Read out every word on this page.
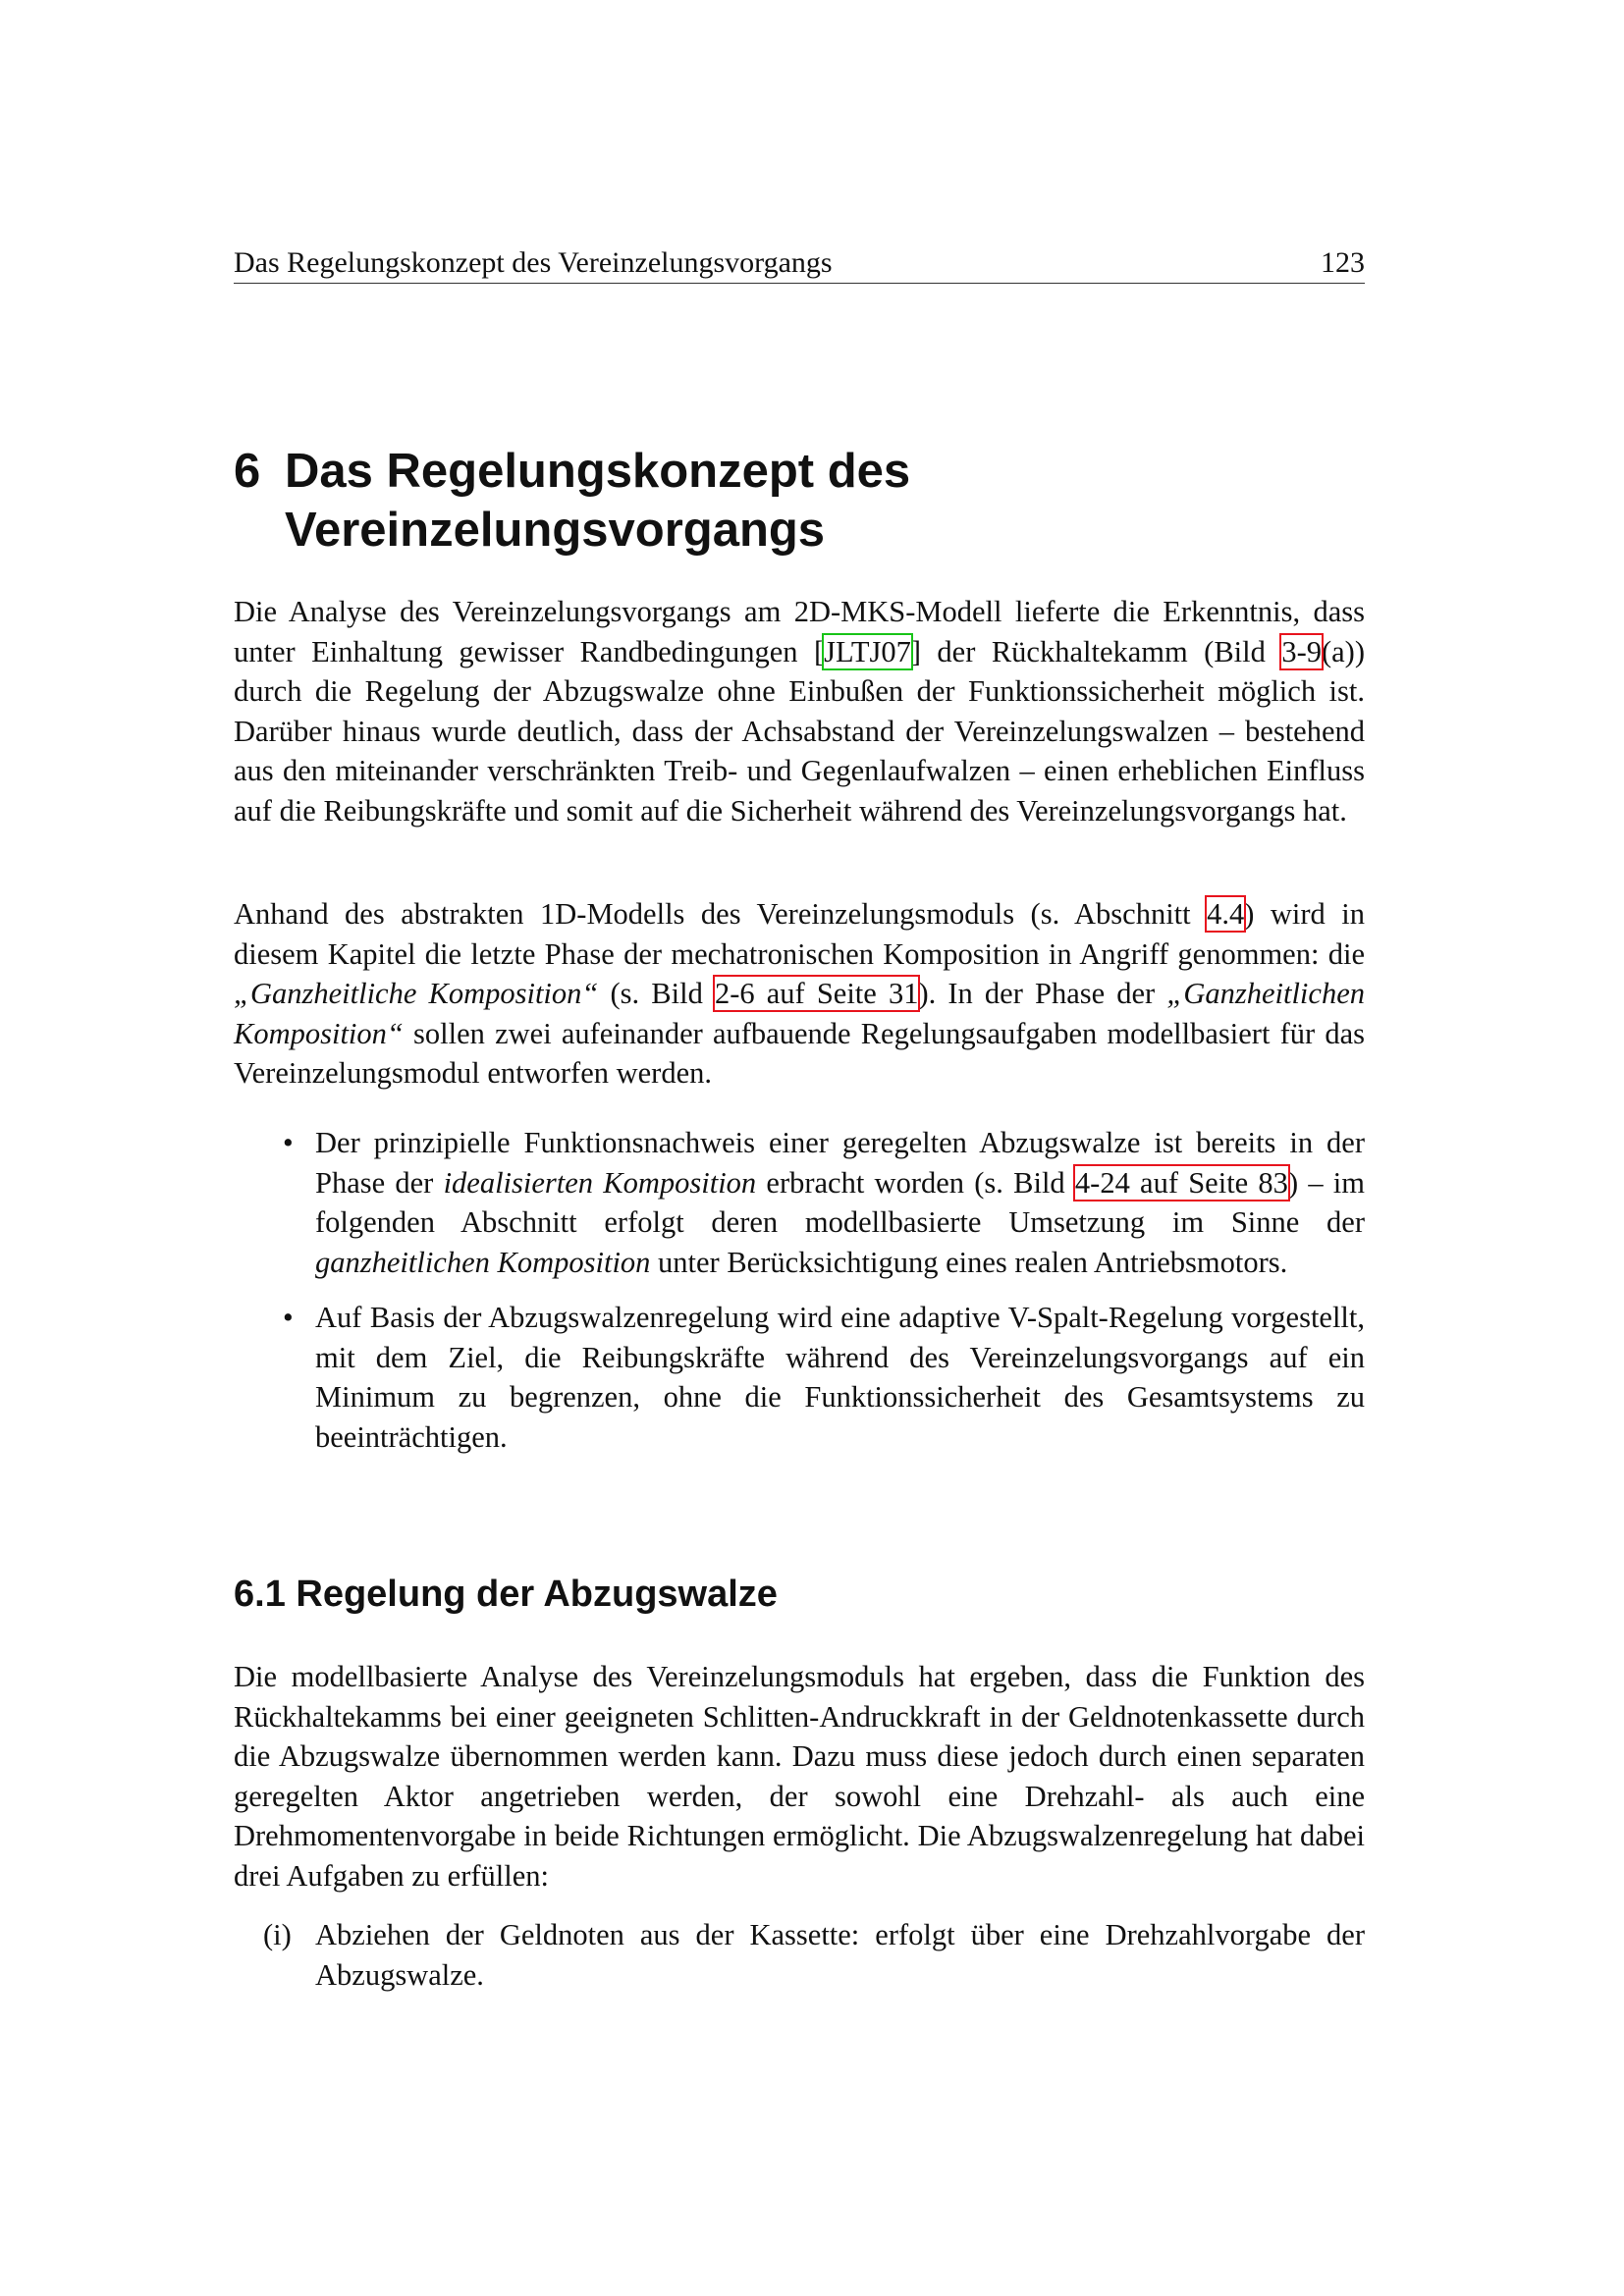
Das Regelungskonzept des Vereinzelungsvorgangs	123
6 Das Regelungskonzept des
Vereinzelungsvorgangs

Die Analyse des Vereinzelungsvorgangs am 2D-MKS-Modell lieferte die Erkenntnis, dass unter Einhaltung gewisser Randbedingungen [JLTJ07] der Rückhaltekamm (Bild 3-9(a)) durch die Regelung der Abzugswalze ohne Einbußen der Funktionssicherheit möglich ist. Darüber hinaus wurde deutlich, dass der Achsabstand der Vereinzelungswalzen – bestehend aus den miteinander verschränkten Treib- und Gegenlaufwalzen – einen erheblichen Einfluss auf die Reibungskräfte und somit auf die Sicherheit während des Vereinzelungsvorgangs hat.

Anhand des abstrakten 1D-Modells des Vereinzelungsmoduls (s. Abschnitt 4.4) wird in diesem Kapitel die letzte Phase der mechatronischen Komposition in Angriff genommen: die „Ganzheitliche Komposition“ (s. Bild 2-6 auf Seite 31). In der Phase der „Ganzheitlichen Komposition“ sollen zwei aufeinander aufbauende Regelungsaufgaben modellbasiert für das Vereinzelungsmodul entworfen werden.

• Der prinzipielle Funktionsnachweis einer geregelten Abzugswalze ist bereits in der Phase der idealisierten Komposition erbracht worden (s. Bild 4-24 auf Seite 83) – im folgenden Abschnitt erfolgt deren modellbasierte Umsetzung im Sinne der ganzheitlichen Komposition unter Berücksichtigung eines realen Antriebsmotors.
• Auf Basis der Abzugswalzenregelung wird eine adaptive V-Spalt-Regelung vorgestellt, mit dem Ziel, die Reibungskräfte während des Vereinzelungsvorgangs auf ein Minimum zu begrenzen, ohne die Funktionssicherheit des Gesamtsystems zu beeinträchtigen.
6.1 Regelung der Abzugswalze

Die modellbasierte Analyse des Vereinzelungsmoduls hat ergeben, dass die Funktion des Rückhaltekamms bei einer geeigneten Schlitten-Andruckkraft in der Geldnotenkassette durch die Abzugswalze übernommen werden kann. Dazu muss diese jedoch durch einen separaten geregelten Aktor angetrieben werden, der sowohl eine Drehzahl- als auch eine Drehmomentenvorgabe in beide Richtungen ermöglicht. Die Abzugswalzenregelung hat dabei drei Aufgaben zu erfüllen:

(i) Abziehen der Geldnoten aus der Kassette: erfolgt über eine Drehzahlvorgabe der Abzugswalze.
